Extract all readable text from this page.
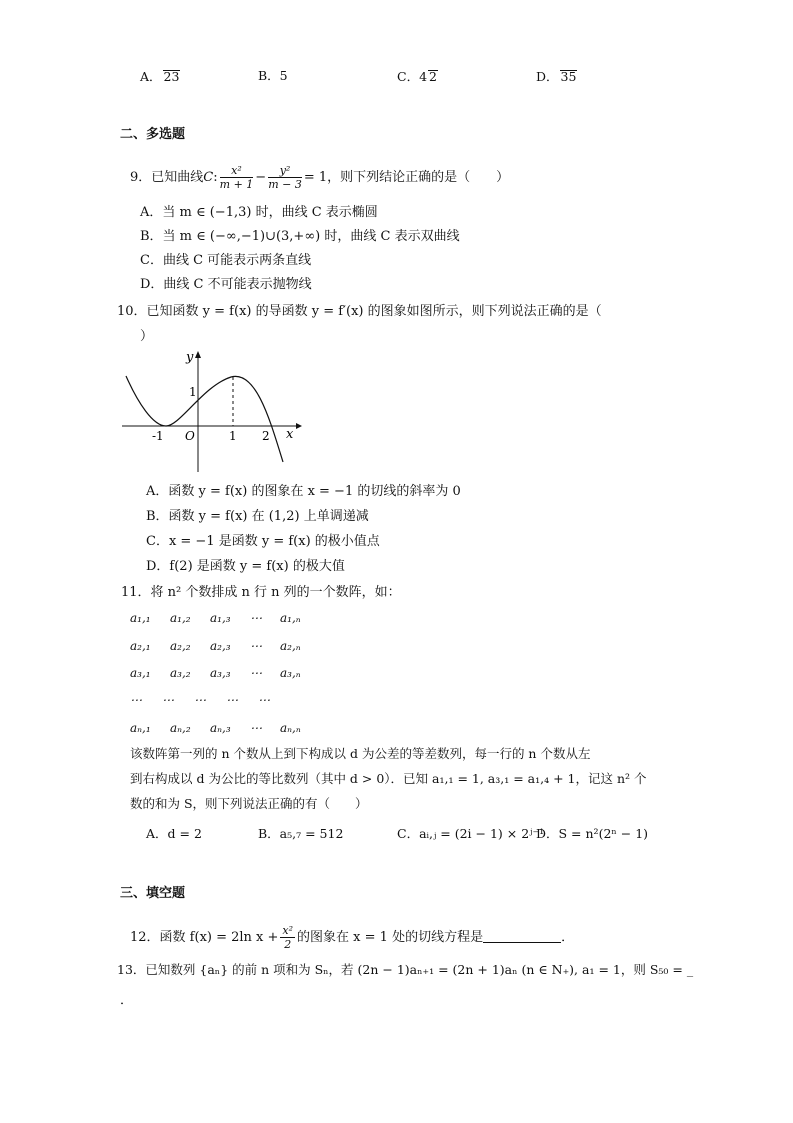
A． 23	B．5	C．4 2	D． 35
二、多选题
9． 已知曲线 C : $\frac{\text{x²}}{m + 1} - \frac{\text{y²}}{m - 3} = 1$ ，则下列结论正确的是（　　）
A．当 m ∈ (−1,3) 时，曲线 C 表示椭圆
B．当 m ∈ (−∞,−1)∪(3,+∞) 时，曲线 C 表示双曲线
C．曲线 C 可能表示两条直线
D．曲线 C 不可能表示抛物线
10．已知函数 y = f(x) 的导函数 y = f′(x) 的图象如图所示，则下列说法正确的是（
）
y
x
O
1
-1	1 2
A．函数 y = f(x) 的图象在 x = −1 的切线的斜率为 0
B．函数 y = f(x) 在 (1,2) 上单调递减
C．x = −1 是函数 y = f(x) 的极小值点
D．f(2) 是函数 y = f(x) 的极大值
11．将 n² 个数排成 n 行 n 列的一个数阵，如：
a₁,₁ a₁,₂ a₁,₃ ⋯ a₁,ₙ
a₂,₁ a₂,₂ a₂,₃ ⋯ a₂,ₙ
a₃,₁ a₃,₂ a₃,₃ ⋯ a₃,ₙ
⋯ ⋯ ⋯ ⋯ ⋯
aₙ,₁ aₙ,₂ aₙ,₃ ⋯ aₙ,ₙ
该数阵第一列的 n 个数从上到下构成以 d 为公差的等差数列，每一行的 n 个数从左
到右构成以 d 为公比的等比数列（其中 d > 0）．已知 a₁,₁ = 1, a₃,₁ = a₁,₄ + 1，记这 n² 个
数的和为 S，则下列说法正确的有（　　）
A．d = 2	B．a₅,₇ = 512	C．aᵢ,ⱼ = (2i − 1) × 2ʲ⁻¹
D．S = n²(2ⁿ − 1)
三、填空题
12． 函数 f(x) = 2ln $x + \frac{\text{x²}}{2}$ 的图象在 x = 1 处的切线方程是	．
13．已知数列 {aₙ} 的前 n 项和为 Sₙ，若 (2n − 1)aₙ₊₁ = (2n + 1)aₙ (n ∈ N₊), a₁ = 1，则 S₅₀ = _
．
